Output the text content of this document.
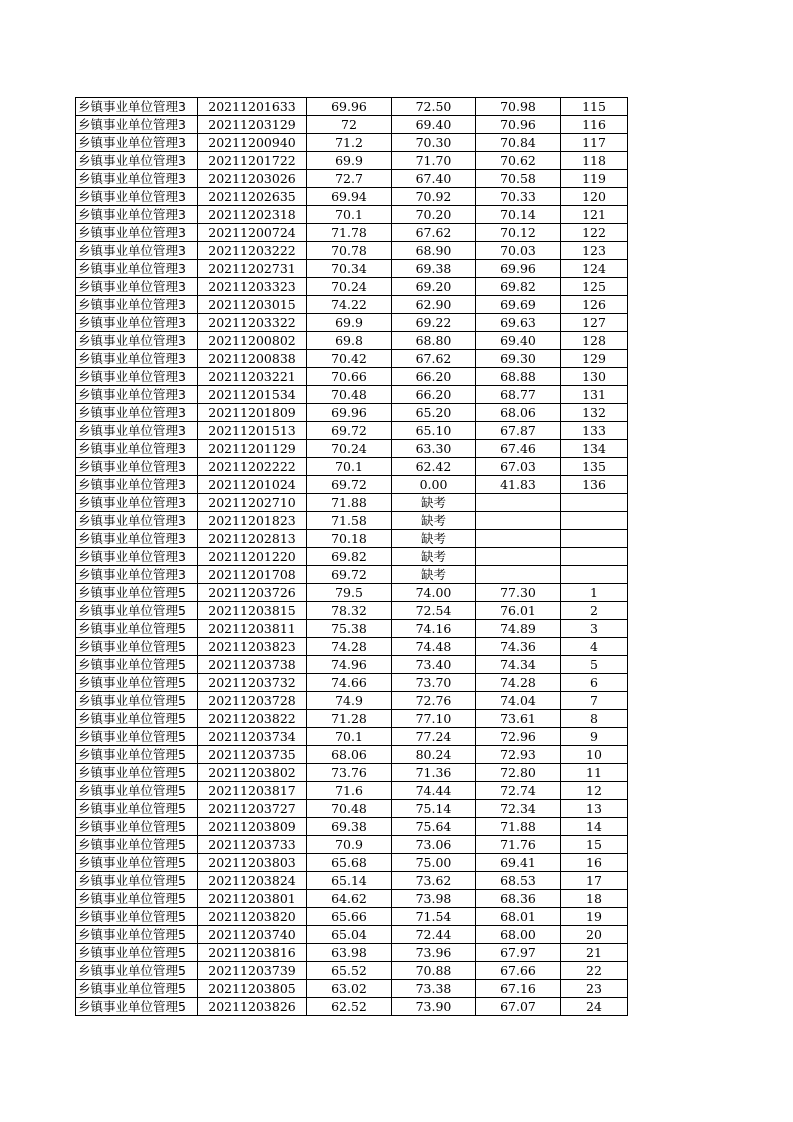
乡镇事业单位管理3	20211201633	69.96	72.50	70.98	115
乡镇事业单位管理3	20211203129	72	69.40	70.96	116
乡镇事业单位管理3	20211200940	71.2	70.30	70.84	117
乡镇事业单位管理3	20211201722	69.9	71.70	70.62	118
乡镇事业单位管理3	20211203026	72.7	67.40	70.58	119
乡镇事业单位管理3	20211202635	69.94	70.92	70.33	120
乡镇事业单位管理3	20211202318	70.1	70.20	70.14	121
乡镇事业单位管理3	20211200724	71.78	67.62	70.12	122
乡镇事业单位管理3	20211203222	70.78	68.90	70.03	123
乡镇事业单位管理3	20211202731	70.34	69.38	69.96	124
乡镇事业单位管理3	20211203323	70.24	69.20	69.82	125
乡镇事业单位管理3	20211203015	74.22	62.90	69.69	126
乡镇事业单位管理3	20211203322	69.9	69.22	69.63	127
乡镇事业单位管理3	20211200802	69.8	68.80	69.40	128
乡镇事业单位管理3	20211200838	70.42	67.62	69.30	129
乡镇事业单位管理3	20211203221	70.66	66.20	68.88	130
乡镇事业单位管理3	20211201534	70.48	66.20	68.77	131
乡镇事业单位管理3	20211201809	69.96	65.20	68.06	132
乡镇事业单位管理3	20211201513	69.72	65.10	67.87	133
乡镇事业单位管理3	20211201129	70.24	63.30	67.46	134
乡镇事业单位管理3	20211202222	70.1	62.42	67.03	135
乡镇事业单位管理3	20211201024	69.72	0.00	41.83	136
乡镇事业单位管理3	20211202710	71.88	缺考		
乡镇事业单位管理3	20211201823	71.58	缺考		
乡镇事业单位管理3	20211202813	70.18	缺考		
乡镇事业单位管理3	20211201220	69.82	缺考		
乡镇事业单位管理3	20211201708	69.72	缺考		
乡镇事业单位管理5	20211203726	79.5	74.00	77.30	1
乡镇事业单位管理5	20211203815	78.32	72.54	76.01	2
乡镇事业单位管理5	20211203811	75.38	74.16	74.89	3
乡镇事业单位管理5	20211203823	74.28	74.48	74.36	4
乡镇事业单位管理5	20211203738	74.96	73.40	74.34	5
乡镇事业单位管理5	20211203732	74.66	73.70	74.28	6
乡镇事业单位管理5	20211203728	74.9	72.76	74.04	7
乡镇事业单位管理5	20211203822	71.28	77.10	73.61	8
乡镇事业单位管理5	20211203734	70.1	77.24	72.96	9
乡镇事业单位管理5	20211203735	68.06	80.24	72.93	10
乡镇事业单位管理5	20211203802	73.76	71.36	72.80	11
乡镇事业单位管理5	20211203817	71.6	74.44	72.74	12
乡镇事业单位管理5	20211203727	70.48	75.14	72.34	13
乡镇事业单位管理5	20211203809	69.38	75.64	71.88	14
乡镇事业单位管理5	20211203733	70.9	73.06	71.76	15
乡镇事业单位管理5	20211203803	65.68	75.00	69.41	16
乡镇事业单位管理5	20211203824	65.14	73.62	68.53	17
乡镇事业单位管理5	20211203801	64.62	73.98	68.36	18
乡镇事业单位管理5	20211203820	65.66	71.54	68.01	19
乡镇事业单位管理5	20211203740	65.04	72.44	68.00	20
乡镇事业单位管理5	20211203816	63.98	73.96	67.97	21
乡镇事业单位管理5	20211203739	65.52	70.88	67.66	22
乡镇事业单位管理5	20211203805	63.02	73.38	67.16	23
乡镇事业单位管理5	20211203826	62.52	73.90	67.07	24
